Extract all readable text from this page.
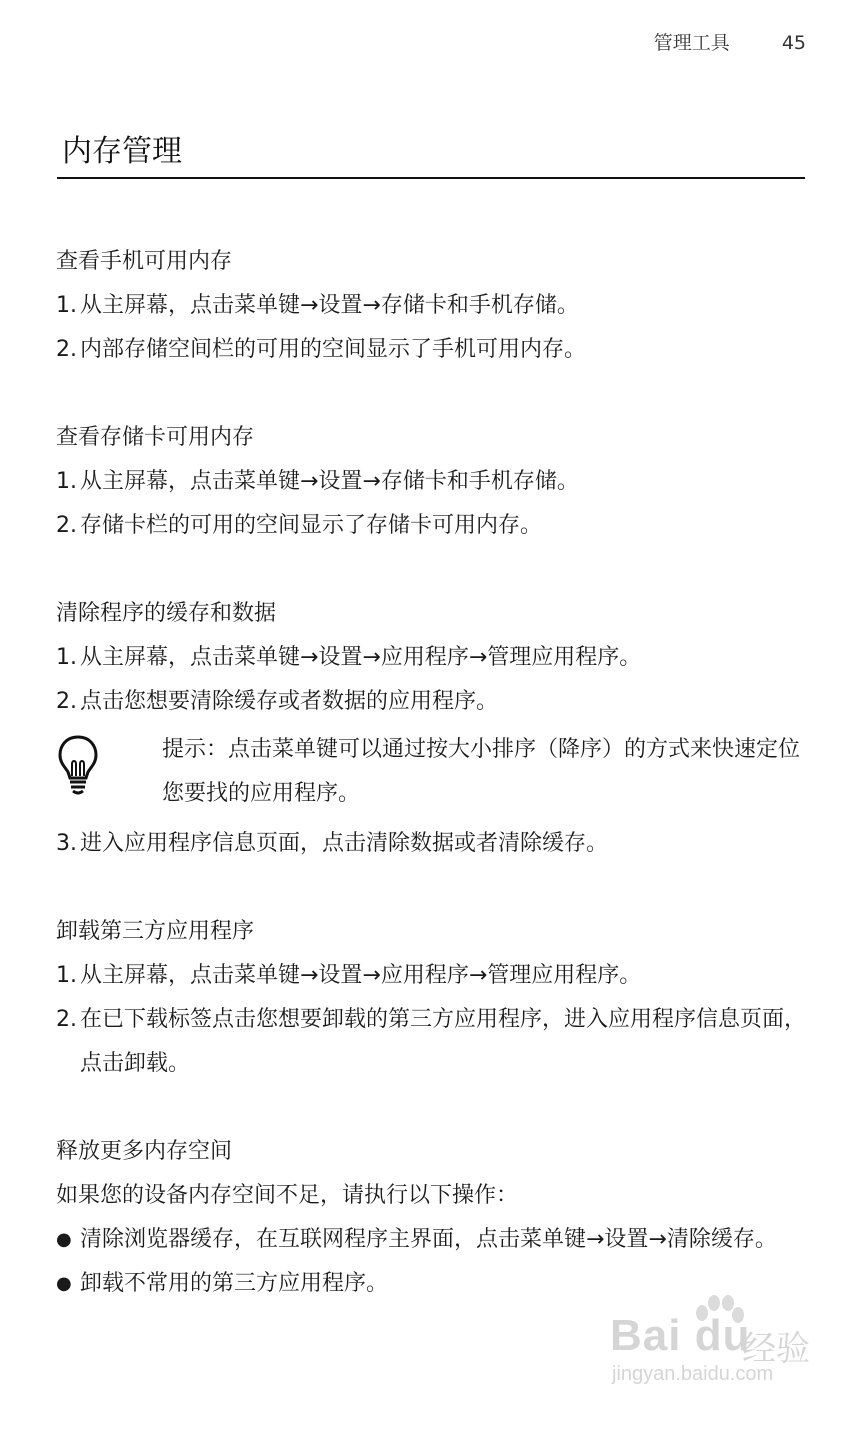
管理工具	45
内存管理
查看手机可用内存
1. 从主屏幕，点击菜单键→设置→存储卡和手机存储。
2. 内部存储空间栏的可用的空间显示了手机可用内存。
查看存储卡可用内存
1. 从主屏幕，点击菜单键→设置→存储卡和手机存储。
2. 存储卡栏的可用的空间显示了存储卡可用内存。
清除程序的缓存和数据
1. 从主屏幕，点击菜单键→设置→应用程序→管理应用程序。
2. 点击您想要清除缓存或者数据的应用程序。
提示：点击菜单键可以通过按大小排序（降序）的方式来快速定位您要找的应用程序。
3. 进入应用程序信息页面，点击清除数据或者清除缓存。
卸载第三方应用程序
1. 从主屏幕，点击菜单键→设置→应用程序→管理应用程序。
2. 在已下载标签点击您想要卸载的第三方应用程序，进入应用程序信息页面，点击卸载。
释放更多内存空间
如果您的设备内存空间不足，请执行以下操作：
● 清除浏览器缓存，在互联网程序主界面，点击菜单键→设置→清除缓存。
● 卸载不常用的第三方应用程序。
Bai du
经验
jingyan.baidu.com
